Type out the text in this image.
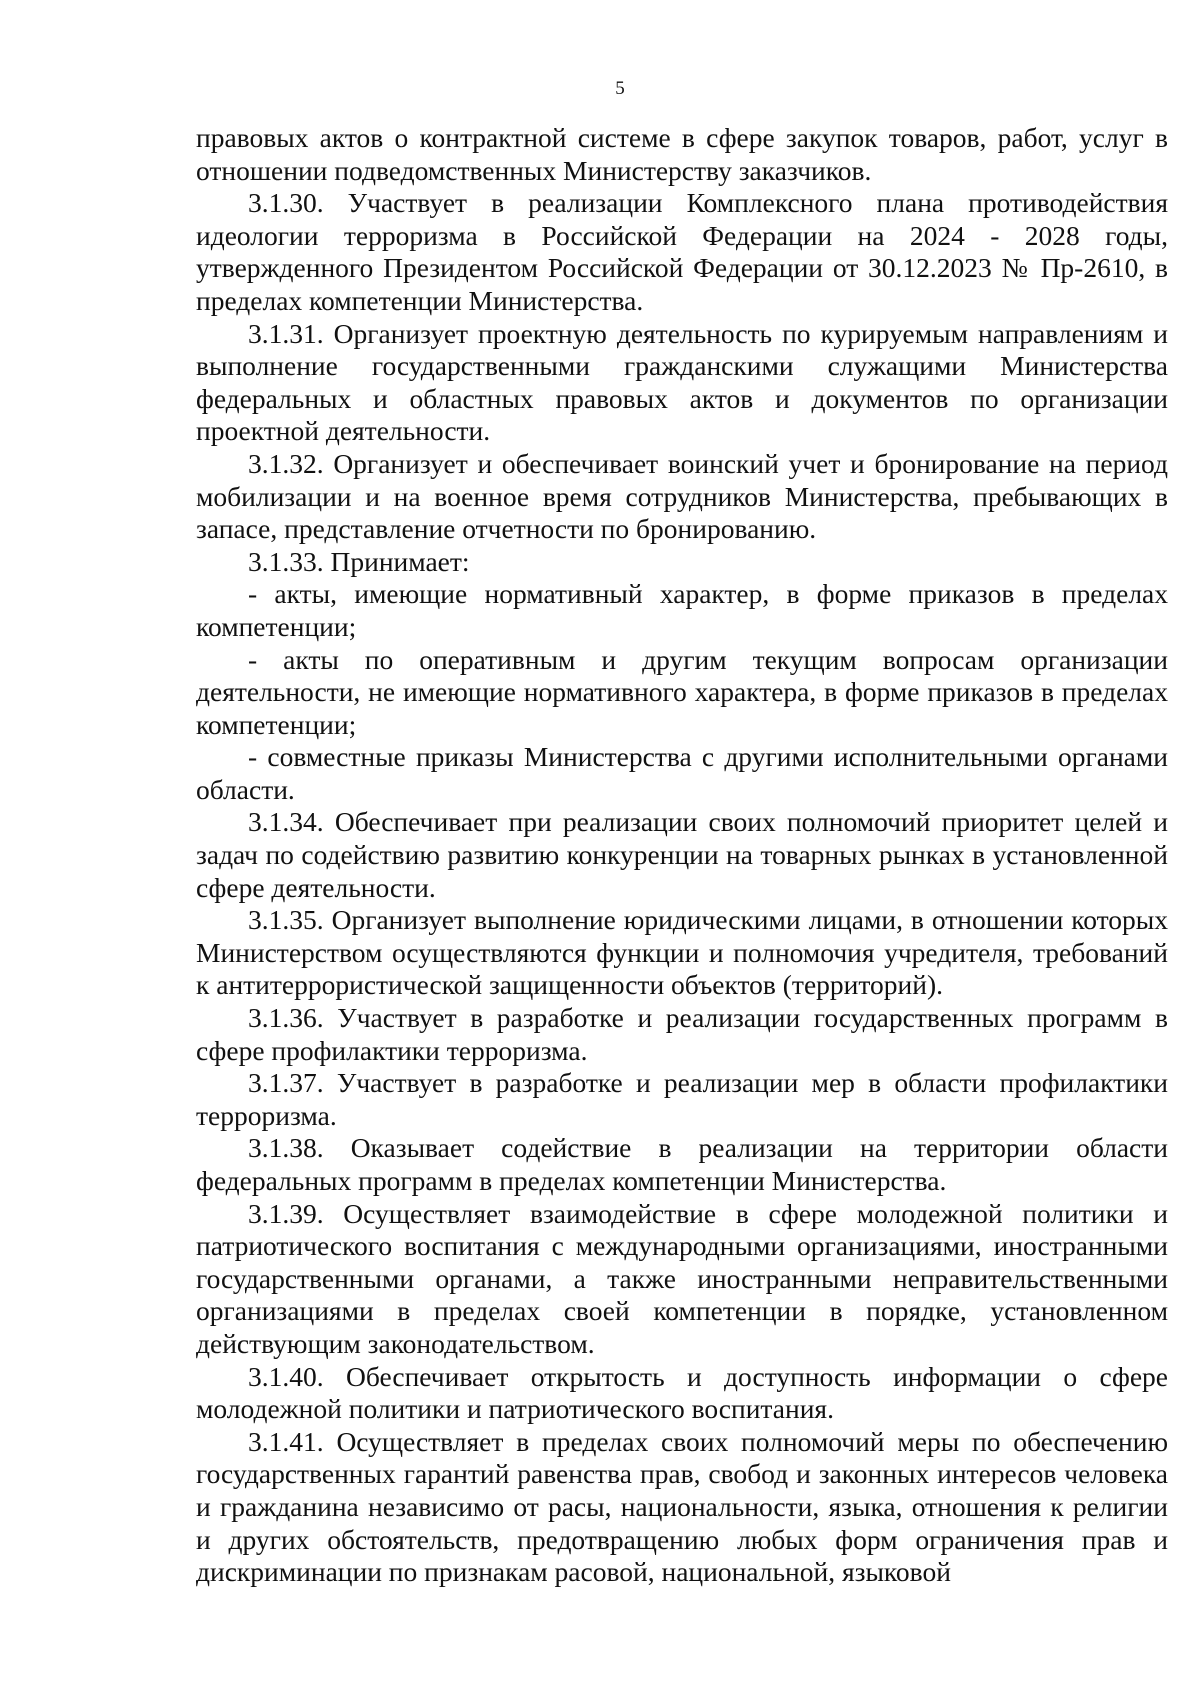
5

правовых актов о контрактной системе в сфере закупок товаров, работ, услуг в отношении подведомственных Министерству заказчиков.

3.1.30. Участвует в реализации Комплексного плана противодействия идеологии терроризма в Российской Федерации на 2024 - 2028 годы, утвержденного Президентом Российской Федерации от 30.12.2023 № Пр-2610, в пределах компетенции Министерства.

3.1.31. Организует проектную деятельность по курируемым направлениям и выполнение государственными гражданскими служащими Министерства федеральных и областных правовых актов и документов по организации проектной деятельности.

3.1.32. Организует и обеспечивает воинский учет и бронирование на период мобилизации и на военное время сотрудников Министерства, пребывающих в запасе, представление отчетности по бронированию.

3.1.33. Принимает:

- акты, имеющие нормативный характер, в форме приказов в пределах компетенции;

- акты по оперативным и другим текущим вопросам организации деятельности, не имеющие нормативного характера, в форме приказов в пределах компетенции;

- совместные приказы Министерства с другими исполнительными органами области.

3.1.34. Обеспечивает при реализации своих полномочий приоритет целей и задач по содействию развитию конкуренции на товарных рынках в установленной сфере деятельности.

3.1.35. Организует выполнение юридическими лицами, в отношении которых Министерством осуществляются функции и полномочия учредителя, требований к антитеррористической защищенности объектов (территорий).

3.1.36. Участвует в разработке и реализации государственных программ в сфере профилактики терроризма.

3.1.37. Участвует в разработке и реализации мер в области профилактики терроризма.

3.1.38. Оказывает содействие в реализации на территории области федеральных программ в пределах компетенции Министерства.

3.1.39. Осуществляет взаимодействие в сфере молодежной политики и патриотического воспитания с международными организациями, иностранными государственными органами, а также иностранными неправительственными организациями в пределах своей компетенции в порядке, установленном действующим законодательством.

3.1.40. Обеспечивает открытость и доступность информации о сфере молодежной политики и патриотического воспитания.

3.1.41. Осуществляет в пределах своих полномочий меры по обеспечению государственных гарантий равенства прав, свобод и законных интересов человека и гражданина независимо от расы, национальности, языка, отношения к религии и других обстоятельств, предотвращению любых форм ограничения прав и дискриминации по признакам расовой, национальной, языковой
